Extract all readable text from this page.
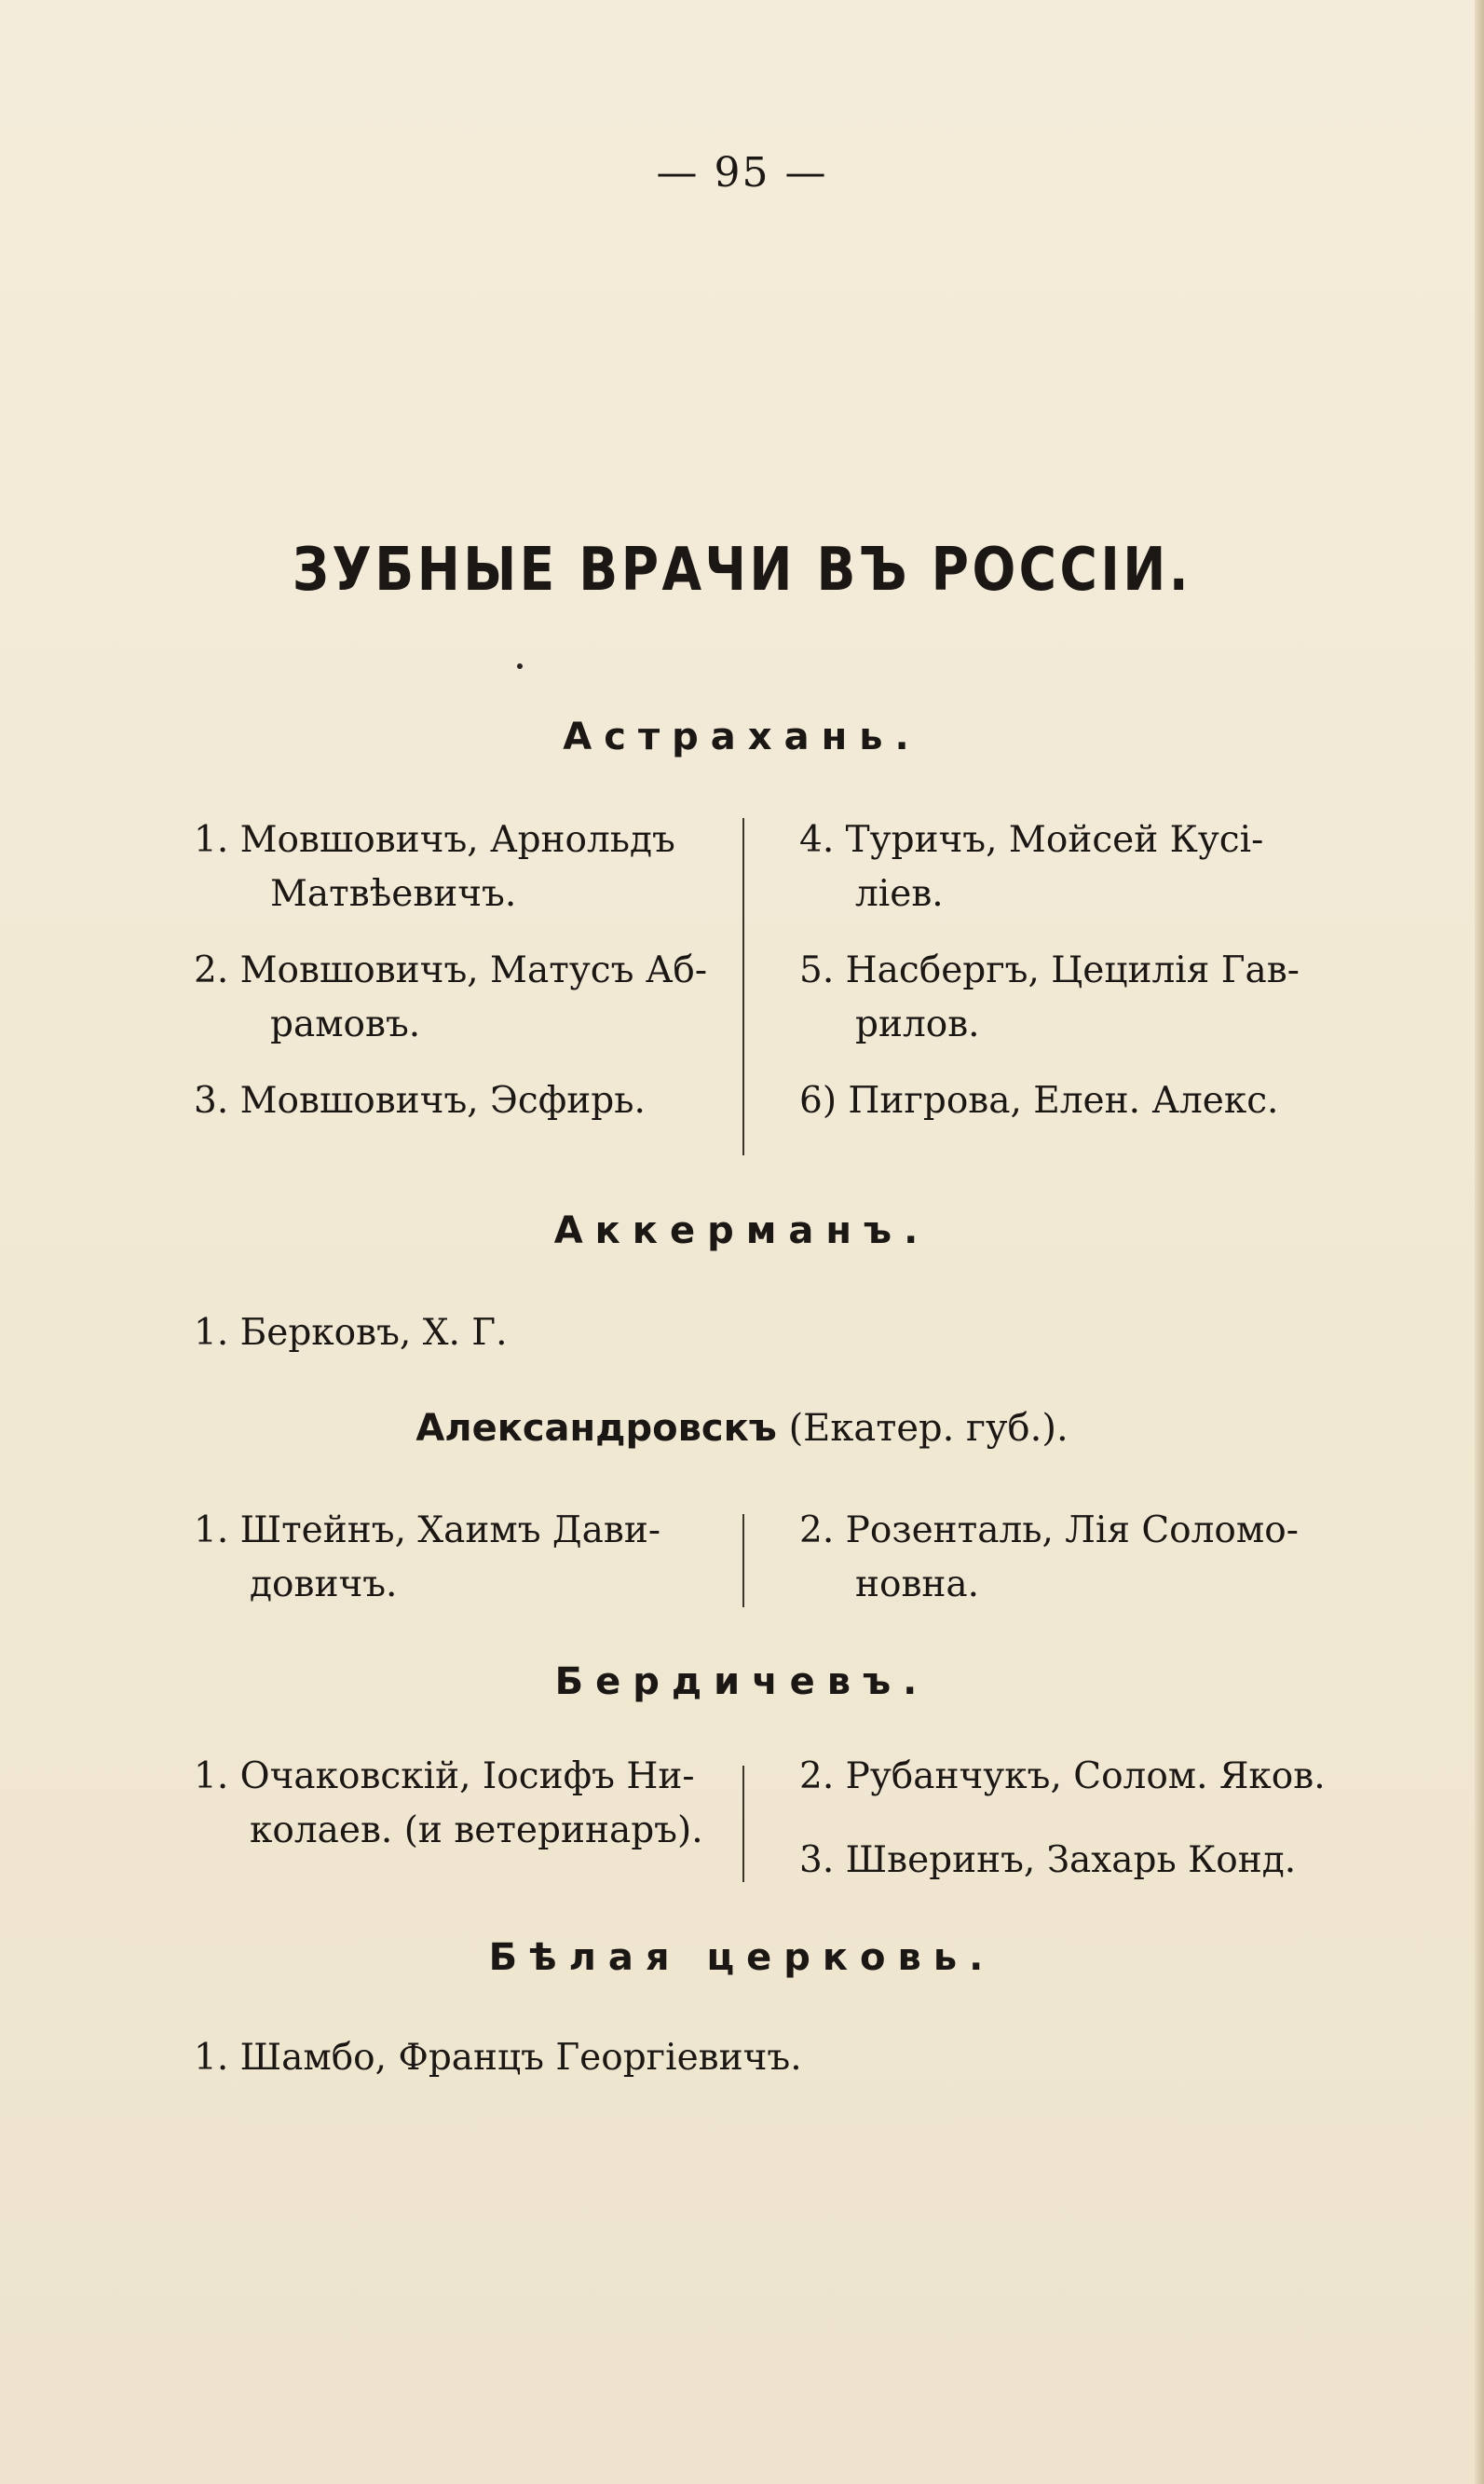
— 95 —
ЗУБНЫЕ ВРАЧИ ВЪ РОССIИ.
Астрахань.
1. Мовшовичъ, Арнольдъ
Матвѣевичъ.
2. Мовшовичъ, Матусъ Аб-
рамовъ.
3. Мовшовичъ, Эсфирь.
4. Туричъ, Мойсей Кусi-
лiев.
5. Насбергъ, Цецилiя Гав-
рилов.
6) Пигрова, Елен. Алекс.
Аккерманъ.
1. Берковъ, Х. Г.
Александровскъ (Екатер. губ.).
1. Штейнъ, Хаимъ Дави-
довичъ.
2. Розенталь, Лiя Соломо-
новна.
Бердичевъ.
1. Очаковскiй, Iосифъ Ни-
колаев. (и ветеринаръ).
2. Рубанчукъ, Солом. Яков.
3. Шверинъ, Захарь Конд.
Бѣлая церковь.
1. Шамбо, Францъ Георгiевичъ.
